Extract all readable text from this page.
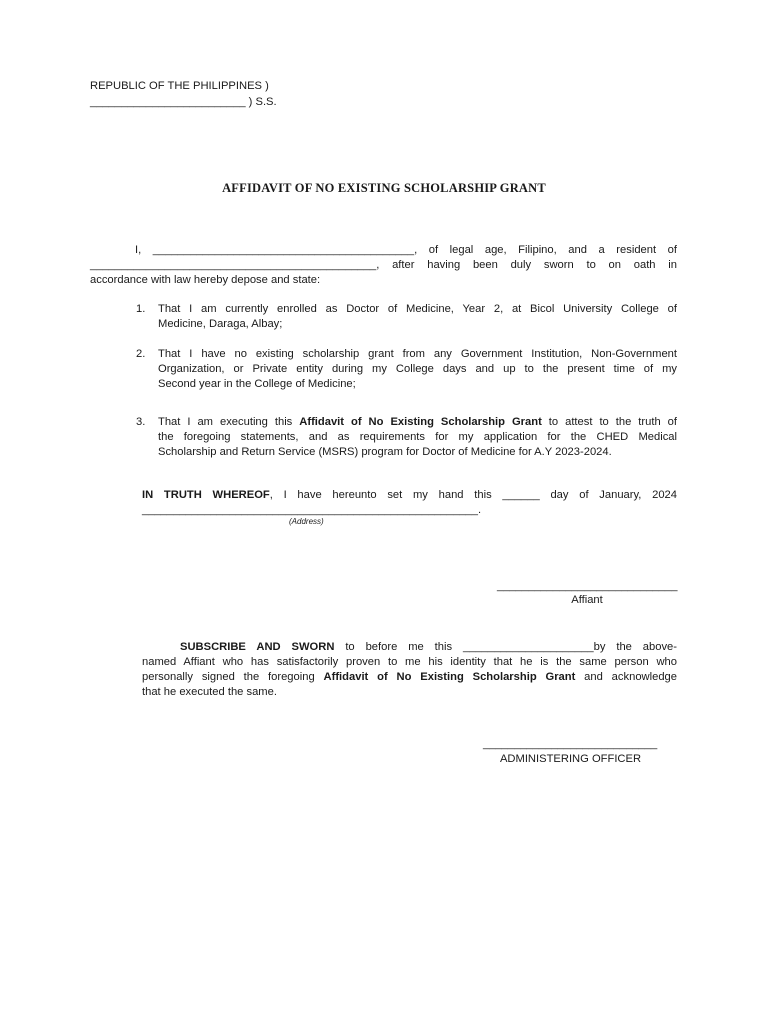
REPUBLIC OF THE PHILIPPINES )
_________________________ ) S.S.
AFFIDAVIT OF NO EXISTING SCHOLARSHIP GRANT
I, __________________________________________, of legal age, Filipino, and a resident of
______________________________________________, after having been duly sworn to on oath in
accordance with law hereby depose and state:
1. That I am currently enrolled as Doctor of Medicine, Year 2, at Bicol University College of
Medicine, Daraga, Albay;
2. That I have no existing scholarship grant from any Government Institution, Non-Government
Organization, or Private entity during my College days and up to the present time of my
Second year in the College of Medicine;
3. That I am executing this Affidavit of No Existing Scholarship Grant to attest to the truth of
the foregoing statements, and as requirements for my application for the CHED Medical
Scholarship and Return Service (MSRS) program for Doctor of Medicine for A.Y 2023-2024.
IN TRUTH WHEREOF, I have hereunto set my hand this ______ day of January, 2024
______________________________________________________.
(Address)
_____________________________
Affiant
SUBSCRIBE AND SWORN to before me this _____________________by the above-
named Affiant who has satisfactorily proven to me his identity that he is the same person who
personally signed the foregoing Affidavit of No Existing Scholarship Grant and acknowledge
that he executed the same.
____________________________
ADMINISTERING OFFICER
